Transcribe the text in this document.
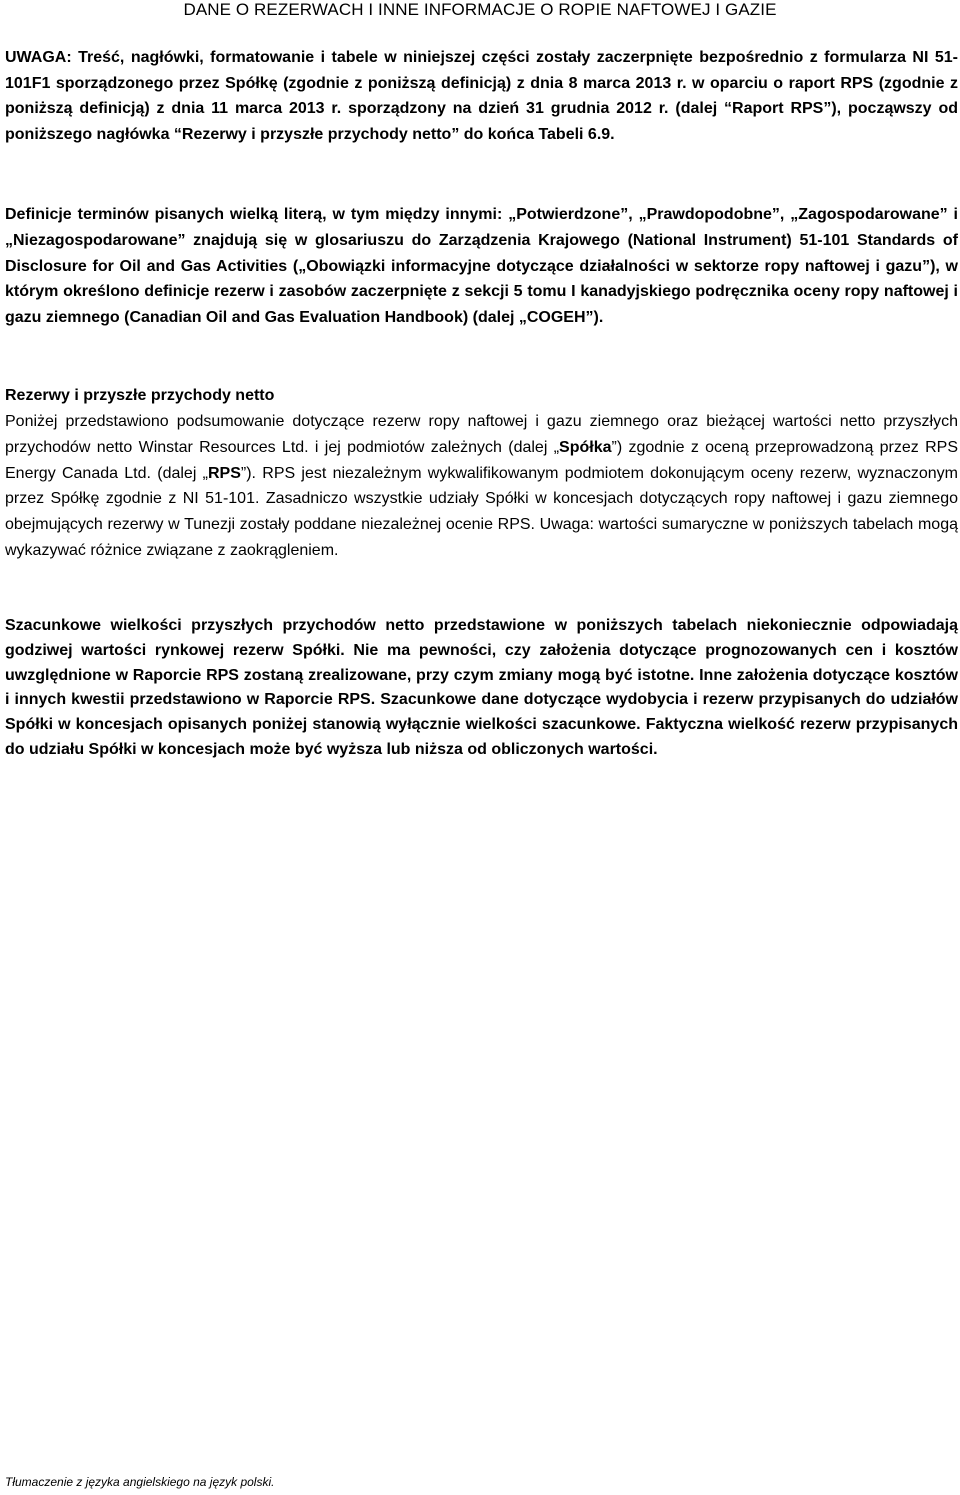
DANE O REZERWACH I INNE INFORMACJE O ROPIE NAFTOWEJ I GAZIE

UWAGA: Treść, nagłówki, formatowanie i tabele w niniejszej części zostały zaczerpnięte bezpośrednio z formularza NI 51-101F1 sporządzonego przez Spółkę (zgodnie z poniższą definicją) z dnia 8 marca 2013 r. w oparciu o raport RPS (zgodnie z poniższą definicją) z dnia 11 marca 2013 r. sporządzony na dzień 31 grudnia 2012 r. (dalej “Raport RPS”), począwszy od poniższego nagłówka “Rezerwy i przyszłe przychody netto” do końca Tabeli 6.9.

Definicje terminów pisanych wielką literą, w tym między innymi: „Potwierdzone”, „Prawdopodobne”, „Zagospodarowane” i „Niezagospodarowane” znajdują się w glosariuszu do Zarządzenia Krajowego (National Instrument) 51-101 Standards of Disclosure for Oil and Gas Activities („Obowiązki informacyjne dotyczące działalności w sektorze ropy naftowej i gazu”), w którym określono definicje rezerw i zasobów zaczerpnięte z sekcji 5 tomu I kanadyjskiego podręcznika oceny ropy naftowej i gazu ziemnego (Canadian Oil and Gas Evaluation Handbook) (dalej „COGEH”).

Rezerwy i przyszłe przychody netto

Poniżej przedstawiono podsumowanie dotyczące rezerw ropy naftowej i gazu ziemnego oraz bieżącej wartości netto przyszłych przychodów netto Winstar Resources Ltd. i jej podmiotów zależnych (dalej „Spółka”) zgodnie z oceną przeprowadzoną przez RPS Energy Canada Ltd. (dalej „RPS”). RPS jest niezależnym wykwalifikowanym podmiotem dokonującym oceny rezerw, wyznaczonym przez Spółkę zgodnie z NI 51-101. Zasadniczo wszystkie udziały Spółki w koncesjach dotyczących ropy naftowej i gazu ziemnego obejmujących rezerwy w Tunezji zostały poddane niezależnej ocenie RPS. Uwaga: wartości sumaryczne w poniższych tabelach mogą wykazywać różnice związane z zaokrągleniem.

Szacunkowe wielkości przyszłych przychodów netto przedstawione w poniższych tabelach niekoniecznie odpowiadają godziwej wartości rynkowej rezerw Spółki. Nie ma pewności, czy założenia dotyczące prognozowanych cen i kosztów uwzględnione w Raporcie RPS zostaną zrealizowane, przy czym zmiany mogą być istotne. Inne założenia dotyczące kosztów i innych kwestii przedstawiono w Raporcie RPS. Szacunkowe dane dotyczące wydobycia i rezerw przypisanych do udziałów Spółki w koncesjach opisanych poniżej stanowią wyłącznie wielkości szacunkowe. Faktyczna wielkość rezerw przypisanych do udziału Spółki w koncesjach może być wyższa lub niższa od obliczonych wartości.

Tłumaczenie z języka angielskiego na język polski.
